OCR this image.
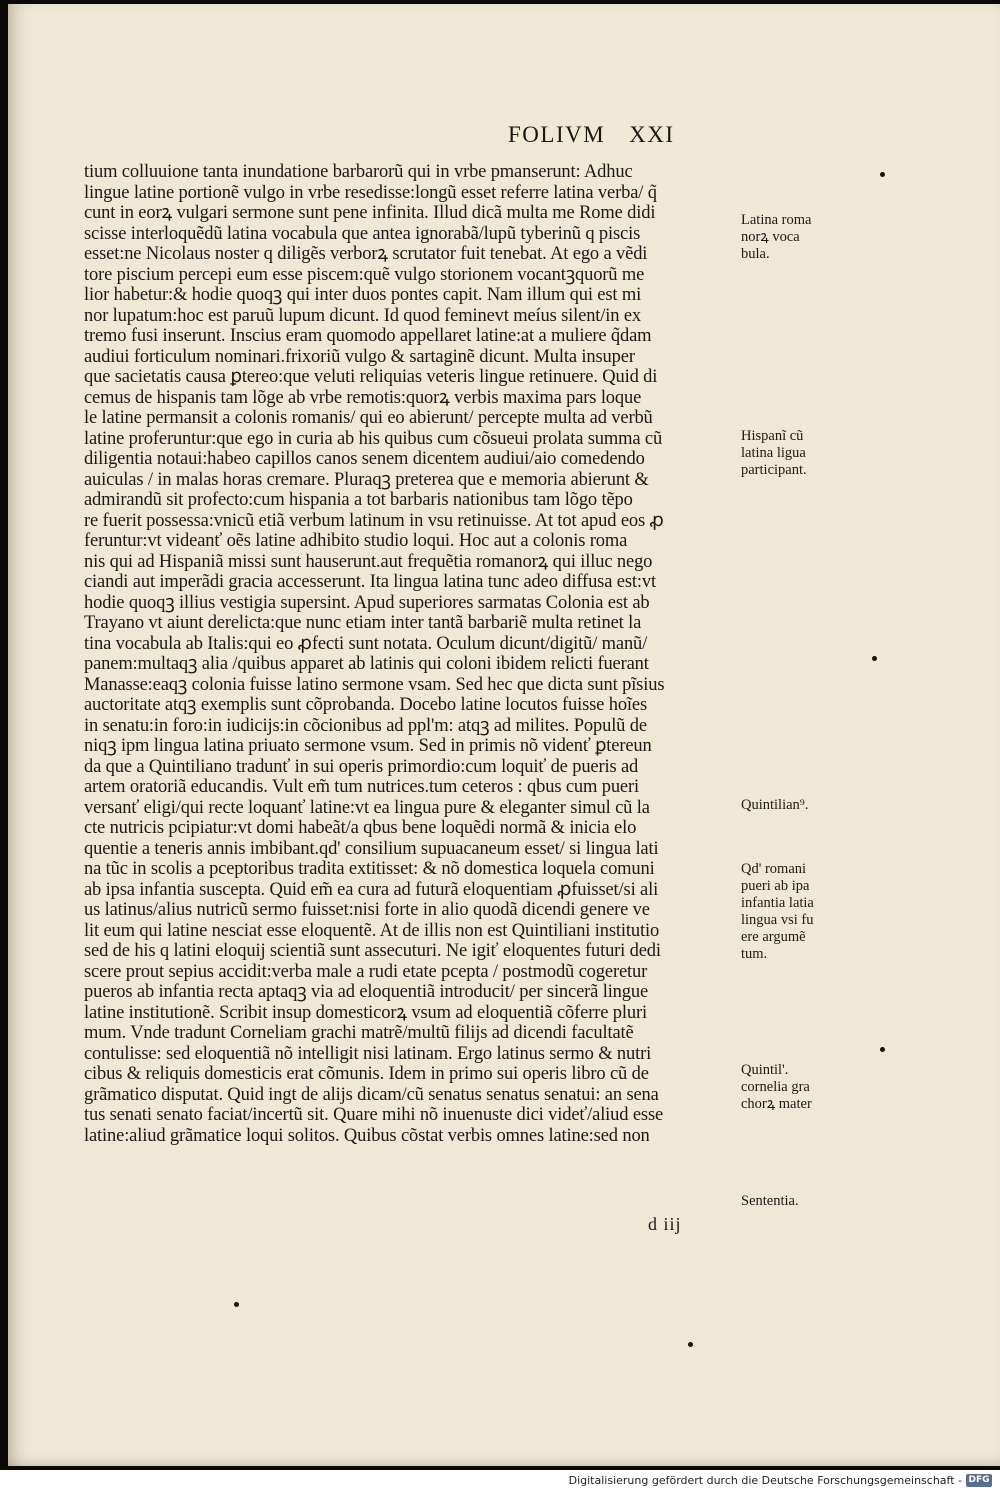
FOLIVM XXI
tium colluuione tanta inundatione barbarorũ qui in vrbe pmanserunt: Adhuc
lingue latine portionẽ vulgo in vrbe resedisse:longũ esset referre latina verba/ q̃
cunt in eorꝝ vulgari sermone sunt pene infinita. Illud dicã multa me Rome didi
scisse interloquẽdũ latina vocabula que antea ignorabã/lupũ tyberinũ q piscis
esset:ne Nicolaus noster q diligẽs verborꝝ scrutator fuit tenebat. At ego a vẽdi
tore piscium percepi eum esse piscem:quẽ vulgo storionem vocantꝫquorũ me
lior habetur:& hodie quoqꝫ qui inter duos pontes capit. Nam illum qui est mi
nor lupatum:hoc est paruũ lupum dicunt. Id quod feminevt meíus silent/in ex
tremo fusi inserunt. Inscius eram quomodo appellaret latine:at a muliere q̃dam
audiui forticulum nominari.frixoriũ vulgo & sartaginẽ dicunt. Multa insuper
que sacietatis causa ꝑtereo:que veluti reliquias veteris lingue retinuere. Quid di
cemus de hispanis tam lõge ab vrbe remotis:quorꝝ verbis maxima pars loque
le latine permansit a colonis romanis/ qui eo abierunt/ percepte multa ad verbũ
latine proferuntur:que ego in curia ab his quibus cum cõsueui prolata summa cũ
diligentia notaui:habeo capillos canos senem dicentem audiui/aio comedendo
auiculas / in malas horas cremare. Pluraqꝫ preterea que e memoria abierunt &
admirandũ sit profecto:cum hispania a tot barbaris nationibus tam lõgo tẽpo
re fuerit possessa:vnicũ etiã verbum latinum in vsu retinuisse. At tot apud eos ꝓ
feruntur:vt videanť oẽs latine adhibito studio loqui. Hoc aut a colonis roma
nis qui ad Hispaniã missi sunt hauserunt.aut frequẽtia romanorꝝ qui illuc nego
ciandi aut imperãdi gracia accesserunt. Ita lingua latina tunc adeo diffusa est:vt
hodie quoqꝫ illius vestigia supersint. Apud superiores sarmatas Colonia est ab
Trayano vt aiunt derelicta:que nunc etiam inter tantã barbariẽ multa retinet la
tina vocabula ab Italis:qui eo ꝓfecti sunt notata. Oculum dicunt/digitũ/ manũ/
panem:multaqꝫ alia /quibus apparet ab latinis qui coloni ibidem relicti fuerant
Manasse:eaqꝫ colonia fuisse latino sermone vsam. Sed hec que dicta sunt pĩsius
auctoritate atqꝫ exemplis sunt cõprobanda. Docebo latine locutos fuisse hoĩes
in senatu:in foro:in iudicijs:in cõcionibus ad ppl'm: atqꝫ ad milites. Populũ de
niqꝫ ipm lingua latina priuato sermone vsum. Sed in primis nõ videnť ꝑtereun
da que a Quintiliano tradunť in sui operis primordio:cum loquiť de pueris ad
artem oratoriã educandis. Vult em̃ tum nutrices.tum ceteros : qbus cum pueri
versanť eligi/qui recte loquanť latine:vt ea lingua pure & eleganter simul cũ la
cte nutricis pcipiatur:vt domi habeãt/a qbus bene loquẽdi normã & inicia elo
quentie a teneris annis imbibant.qd' consilium supuacaneum esset/ si lingua lati
na tũc in scolis a pceptoribus tradita extitisset: & nõ domestica loquela comuni
ab ipsa infantia suscepta. Quid em̃ ea cura ad futurã eloquentiam ꝓfuisset/si ali
us latinus/alius nutricũ sermo fuisset:nisi forte in alio quodã dicendi genere ve
lit eum qui latine nesciat esse eloquentẽ. At de illis non est Quintiliani institutio
sed de his q latini eloquij scientiã sunt assecuturi. Ne igiť eloquentes futuri dedi
scere prout sepius accidit:verba male a rudi etate pcepta / postmodũ cogeretur
pueros ab infantia recta aptaqꝫ via ad eloquentiã introducit/ per sincerã lingue
latine institutionẽ. Scribit insup domesticorꝝ vsum ad eloquentiã cõferre pluri
mum. Vnde tradunt Corneliam grachi matrẽ/multũ filijs ad dicendi facultatẽ
contulisse: sed eloquentiã nõ intelligit nisi latinam. Ergo latinus sermo & nutri
cibus & reliquis domesticis erat cõmunis. Idem in primo sui operis libro cũ de
grãmatico disputat. Quid ingt de alijs dicam/cũ senatus senatus senatui: an sena
tus senati senato faciat/incertũ sit. Quare mihi nõ inuenuste dici videť/aliud esse
latine:aliud grãmatice loqui solitos. Quibus cõstat verbis omnes latine:sed non
d iij
Latina roma
norꝝ voca
bula.
Hispanĩ cũ
latina ligua
participant.
Quintilian⁹.
Qd' romani
pueri ab ipa
infantia latia
lingua vsi fu
ere argumẽ
tum.
Quintil'.
cornelia gra
chorꝝ mater
Sententia.
Digitalisierung gefördert durch die Deutsche Forschungsgemeinschaft - DFG
